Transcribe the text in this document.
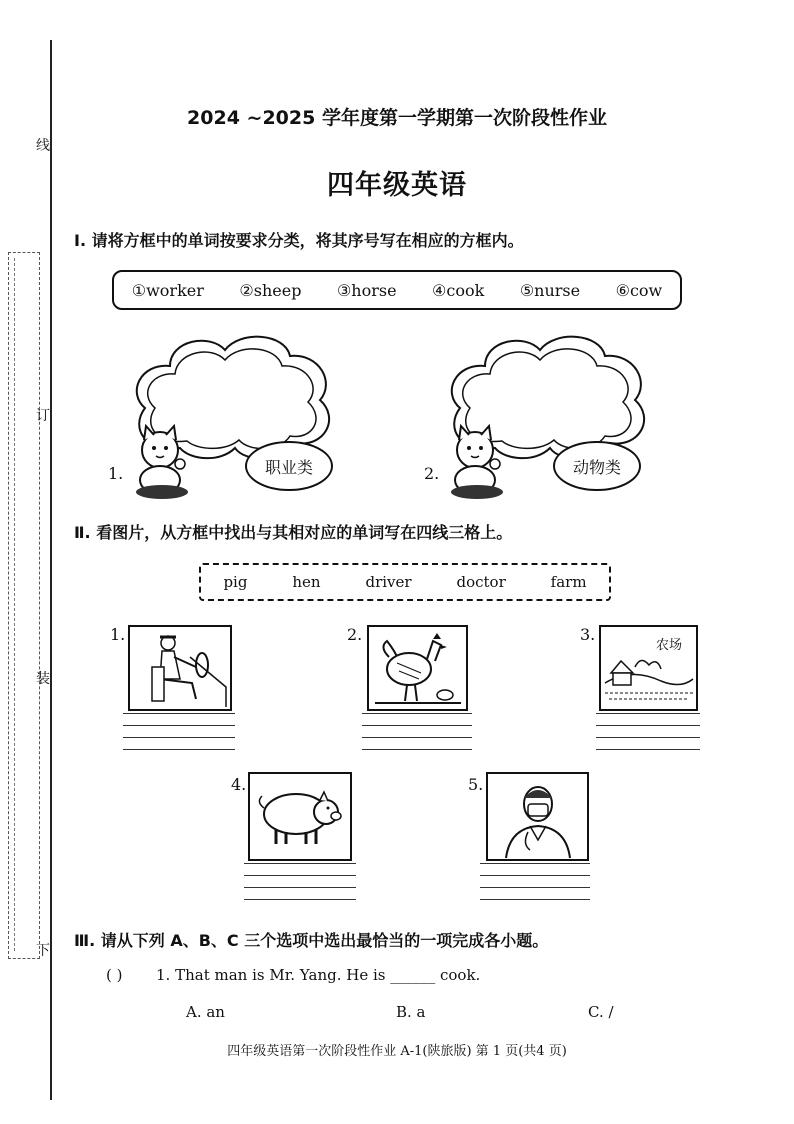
线
订
装
下
2024 ~2025 学年度第一学期第一次阶段性作业
四年级英语
Ⅰ. 请将方框中的单词按要求分类，将其序号写在相应的方框内。
①worker ②sheep ③horse ④cook ⑤nurse ⑥cow
1.	职业类	2.	动物类
Ⅱ. 看图片，从方框中找出与其相对应的单词写在四线三格上。
pig	hen	driver	doctor	farm
1.	2.	3.
农场
4.	5.
Ⅲ. 请从下列 A、B、C 三个选项中选出最恰当的一项完成各小题。
( ) 1. That man is Mr. Yang. He is ______ cook.
A. an	B. a	C. /
四年级英语第一次阶段性作业 A-1(陕旅版) 第 1 页(共4 页)
